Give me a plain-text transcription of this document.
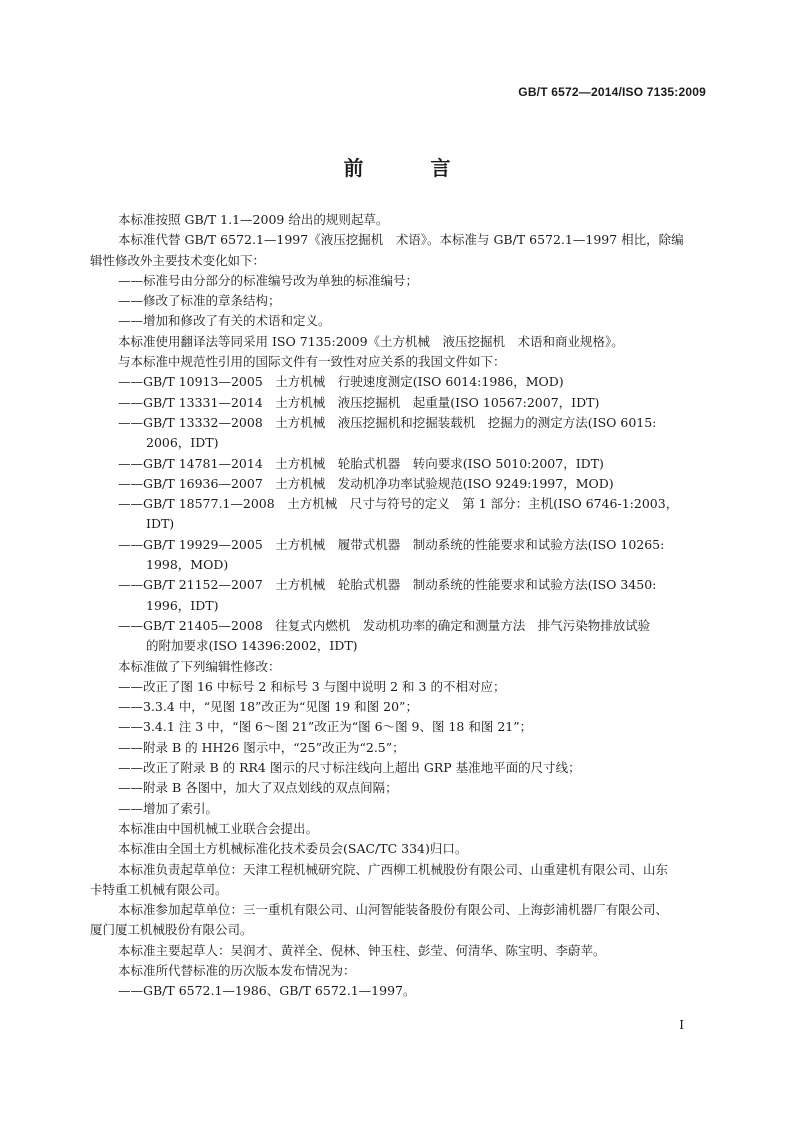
GB/T 6572—2014/ISO 7135:2009
前 言
本标准按照 GB/T 1.1—2009 给出的规则起草。
本标准代替 GB/T 6572.1—1997《液压挖掘机　术语》。本标准与 GB/T 6572.1—1997 相比，除编
辑性修改外主要技术变化如下：
——标准号由分部分的标准编号改为单独的标准编号；
——修改了标准的章条结构；
——增加和修改了有关的术语和定义。
本标准使用翻译法等同采用 ISO 7135:2009《土方机械　液压挖掘机　术语和商业规格》。
与本标准中规范性引用的国际文件有一致性对应关系的我国文件如下：
——GB/T 10913—2005　土方机械　行驶速度测定(ISO 6014:1986，MOD)
——GB/T 13331—2014　土方机械　液压挖掘机　起重量(ISO 10567:2007，IDT)
——GB/T 13332—2008　土方机械　液压挖掘机和挖掘装载机　挖掘力的测定方法(ISO 6015:
2006，IDT)
——GB/T 14781—2014　土方机械　轮胎式机器　转向要求(ISO 5010:2007，IDT)
——GB/T 16936—2007　土方机械　发动机净功率试验规范(ISO 9249:1997，MOD)
——GB/T 18577.1—2008　土方机械　尺寸与符号的定义　第 1 部分：主机(ISO 6746-1:2003，
IDT)
——GB/T 19929—2005　土方机械　履带式机器　制动系统的性能要求和试验方法(ISO 10265:
1998，MOD)
——GB/T 21152—2007　土方机械　轮胎式机器　制动系统的性能要求和试验方法(ISO 3450:
1996，IDT)
——GB/T 21405—2008　往复式内燃机　发动机功率的确定和测量方法　排气污染物排放试验
的附加要求(ISO 14396:2002，IDT)
本标准做了下列编辑性修改：
——改正了图 16 中标号 2 和标号 3 与图中说明 2 和 3 的不相对应；
——3.3.4 中，“见图 18”改正为“见图 19 和图 20”；
——3.4.1 注 3 中，“图 6～图 21”改正为“图 6～图 9、图 18 和图 21”；
——附录 B 的 HH26 图示中，“25”改正为“2.5”；
——改正了附录 B 的 RR4 图示的尺寸标注线向上超出 GRP 基准地平面的尺寸线；
——附录 B 各图中，加大了双点划线的双点间隔；
——增加了索引。
本标准由中国机械工业联合会提出。
本标准由全国土方机械标准化技术委员会(SAC/TC 334)归口。
本标准负责起草单位：天津工程机械研究院、广西柳工机械股份有限公司、山重建机有限公司、山东
卡特重工机械有限公司。
本标准参加起草单位：三一重机有限公司、山河智能装备股份有限公司、上海彭浦机器厂有限公司、
厦门厦工机械股份有限公司。
本标准主要起草人：吴润才、黄祥全、倪林、钟玉柱、彭莹、何清华、陈宝明、李蔚苹。
本标准所代替标准的历次版本发布情况为：
——GB/T 6572.1—1986、GB/T 6572.1—1997。
I
